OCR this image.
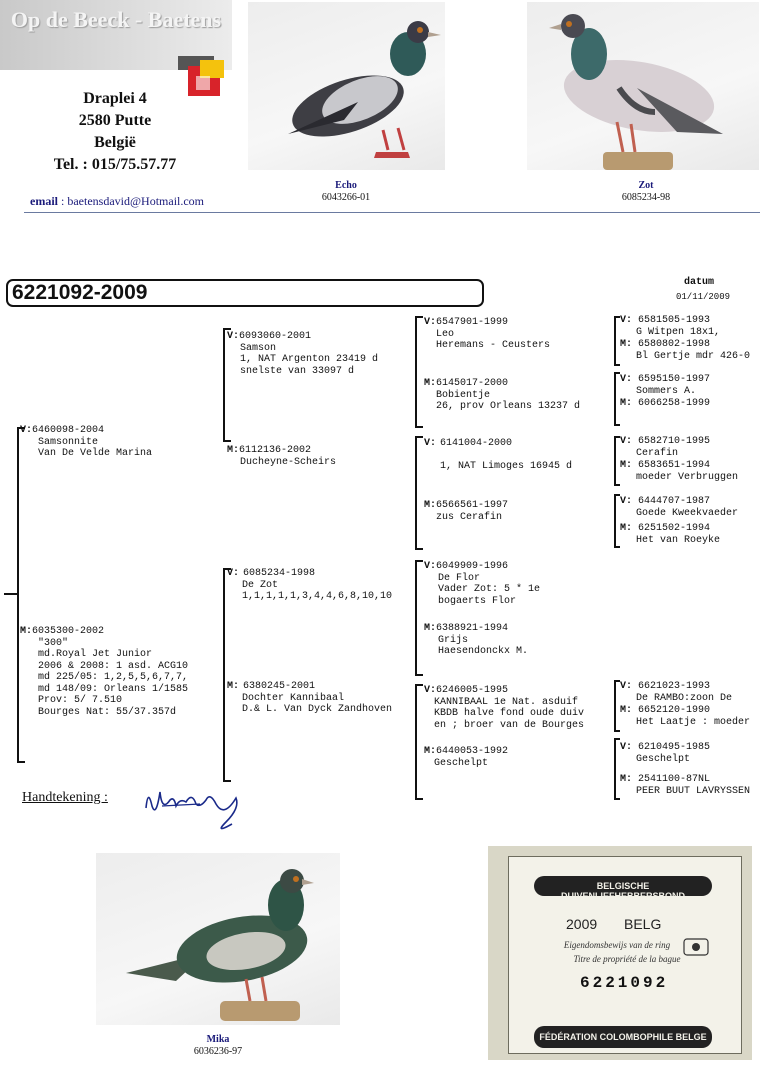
Op de Beeck - Baetens
Draplei 4
2580 Putte
België
Tel. : 015/75.57.77
email : baetensdavid@Hotmail.com
Echo
6043266-01
Zot
6085234-98
6221092-2009	datum
01/11/2009
V:6460098-2004
Samsonnite
Van De Velde Marina
M:6035300-2002
"300"
md.Royal Jet Junior
2006 & 2008: 1 asd. ACG10
md 225/05: 1,2,5,5,6,7,7,
md 148/09: Orleans 1/1585
Prov: 5/ 7.510
Bourges Nat: 55/37.357d
V:6093060-2001
Samson
1, NAT Argenton 23419 d
snelste van 33097 d
M:6112136-2002
Ducheyne-Scheirs
V: 6085234-1998
De Zot
1,1,1,1,1,3,4,4,6,8,10,10
M: 6380245-2001
Dochter Kannibaal
D.& L. Van Dyck Zandhoven
V:6547901-1999
Leo
Heremans - Ceusters
M:6145017-2000
Bobientje
26, prov Orleans 13237 d
V: 6141004-2000

1, NAT Limoges 16945 d
M:6566561-1997
zus Cerafin
V:6049909-1996
De Flor
Vader Zot: 5 * 1e
bogaerts Flor
M:6388921-1994
Grijs
Haesendonckx M.
V:6246005-1995
KANNIBAAL 1e Nat. asduif
KBDB halve fond oude duiv
en ; broer van de Bourges
M:6440053-1992
Geschelpt
V: 6581505-1993
G Witpen 18x1,
M: 6580802-1998
Bl Gertje mdr 426-0
V: 6595150-1997
Sommers A.
M: 6066258-1999
V: 6582710-1995
Cerafin
M: 6583651-1994
moeder Verbruggen
V: 6444707-1987
Goede Kweekvaeder
M: 6251502-1994
Het van Roeyke
V: 6621023-1993
De RAMBO:zoon De
M: 6652120-1990
Het Laatje : moeder
V: 6210495-1985
Geschelpt
M: 2541100-87NL
PEER BUUT LAVRYSSEN
Handtekening :
Mika
6036236-97
BELGISCHE DUIVENLIEFHEBBERSBOND
2009 BELG
Eigendomsbewijs van de ring
Titre de propriété de la bague
6221092
FÉDÉRATION COLOMBOPHILE BELGE
